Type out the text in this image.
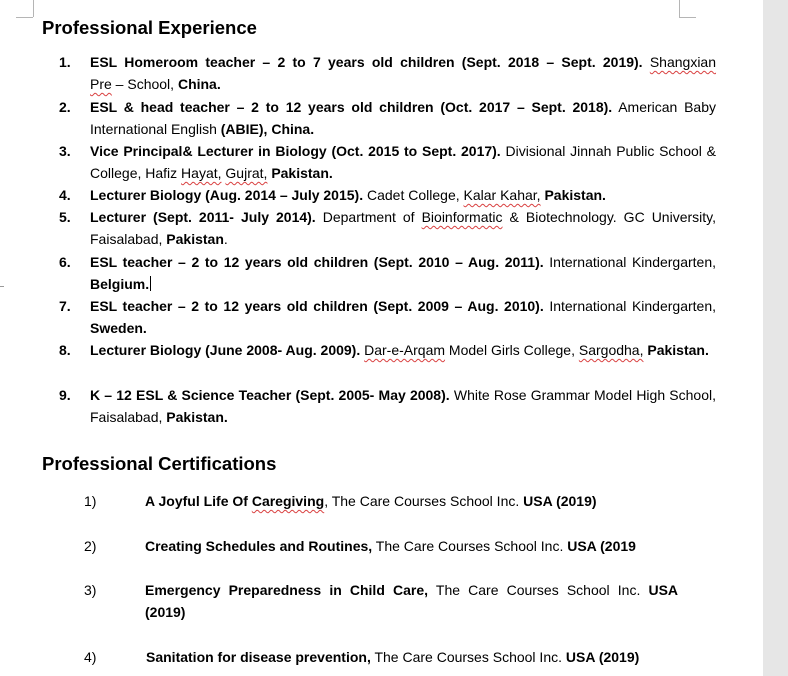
Professional Experience
1. ESL Homeroom teacher – 2 to 7 years old children (Sept. 2018 – Sept. 2019). Shangxian
Pre – School, China.
2. ESL & head teacher – 2 to 12 years old children (Oct. 2017 – Sept. 2018). American Baby International English (ABIE), China.
3. Vice Principal& Lecturer in Biology (Oct. 2015 to Sept. 2017). Divisional Jinnah Public School & College, Hafiz Hayat, Gujrat, Pakistan.
4. Lecturer Biology (Aug. 2014 – July 2015). Cadet College, Kalar Kahar, Pakistan.
5. Lecturer (Sept. 2011- July 2014). Department of Bioinformatic & Biotechnology. GC University, Faisalabad, Pakistan.
6. ESL teacher – 2 to 12 years old children (Sept. 2010 – Aug. 2011). International Kindergarten, Belgium.
7. ESL teacher – 2 to 12 years old children (Sept. 2009 – Aug. 2010). International Kindergarten, Sweden.
8. Lecturer Biology (June 2008- Aug. 2009). Dar-e-Arqam Model Girls College, Sargodha, Pakistan.
9. K – 12 ESL & Science Teacher (Sept. 2005- May 2008). White Rose Grammar Model High School, Faisalabad, Pakistan.
Professional Certifications
1)	A Joyful Life Of Caregiving, The Care Courses School Inc. USA (2019)
2)	Creating Schedules and Routines, The Care Courses School Inc. USA (2019
3)	Emergency Preparedness in Child Care, The Care Courses School Inc. USA (2019)
4)	Sanitation for disease prevention, The Care Courses School Inc. USA (2019)
